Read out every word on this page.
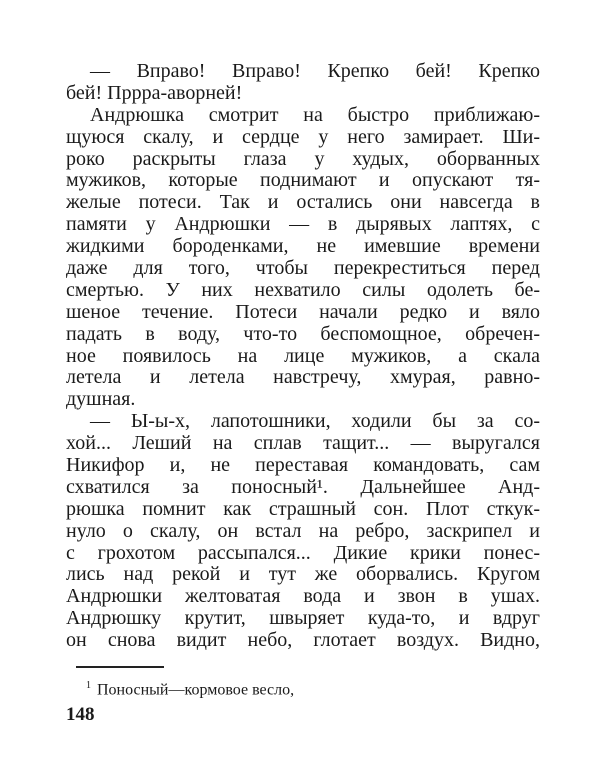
— Вправо! Вправо! Крепко бей! Крепко
бей! Прррa-аворней!
Андрюшка смотрит на быстро приближаю-
щуюся скалу, и сердце у него замирает. Ши-
роко раскрыты глаза у худых, оборванных
мужиков, которые поднимают и опускают тя-
желые потеси. Так и остались они навсегда в
памяти у Андрюшки — в дырявых лаптях, с
жидкими бороденками, не имевшие времени
даже для того, чтобы перекреститься перед
смертью. У них нехватило силы одолеть бе-
шеное течение. Потеси начали редко и вяло
падать в воду, что-то беспомощное, обречен-
ное появилось на лице мужиков, а скала
летела и летела навстречу, хмурая, равно-
душная.
— Ы-ы-х, лапотошники, ходили бы за со-
хой... Леший на сплав тащит... — выругался
Никифор и, не переставая командовать, сам
схватился за поносный¹. Дальнейшее Анд-
рюшка помнит как страшный сон. Плот сткук-
нуло о скалу, он встал на ребро, заскрипел и
с грохотом рассыпался... Дикие крики понес-
лись над рекой и тут же оборвались. Кругом
Андрюшки желтоватая вода и звон в ушах.
Андрюшку крутит, швыряет куда-то, и вдруг
он снова видит небо, глотает воздух. Видно,
$^1$ Поносный—кормовое весло,
148
